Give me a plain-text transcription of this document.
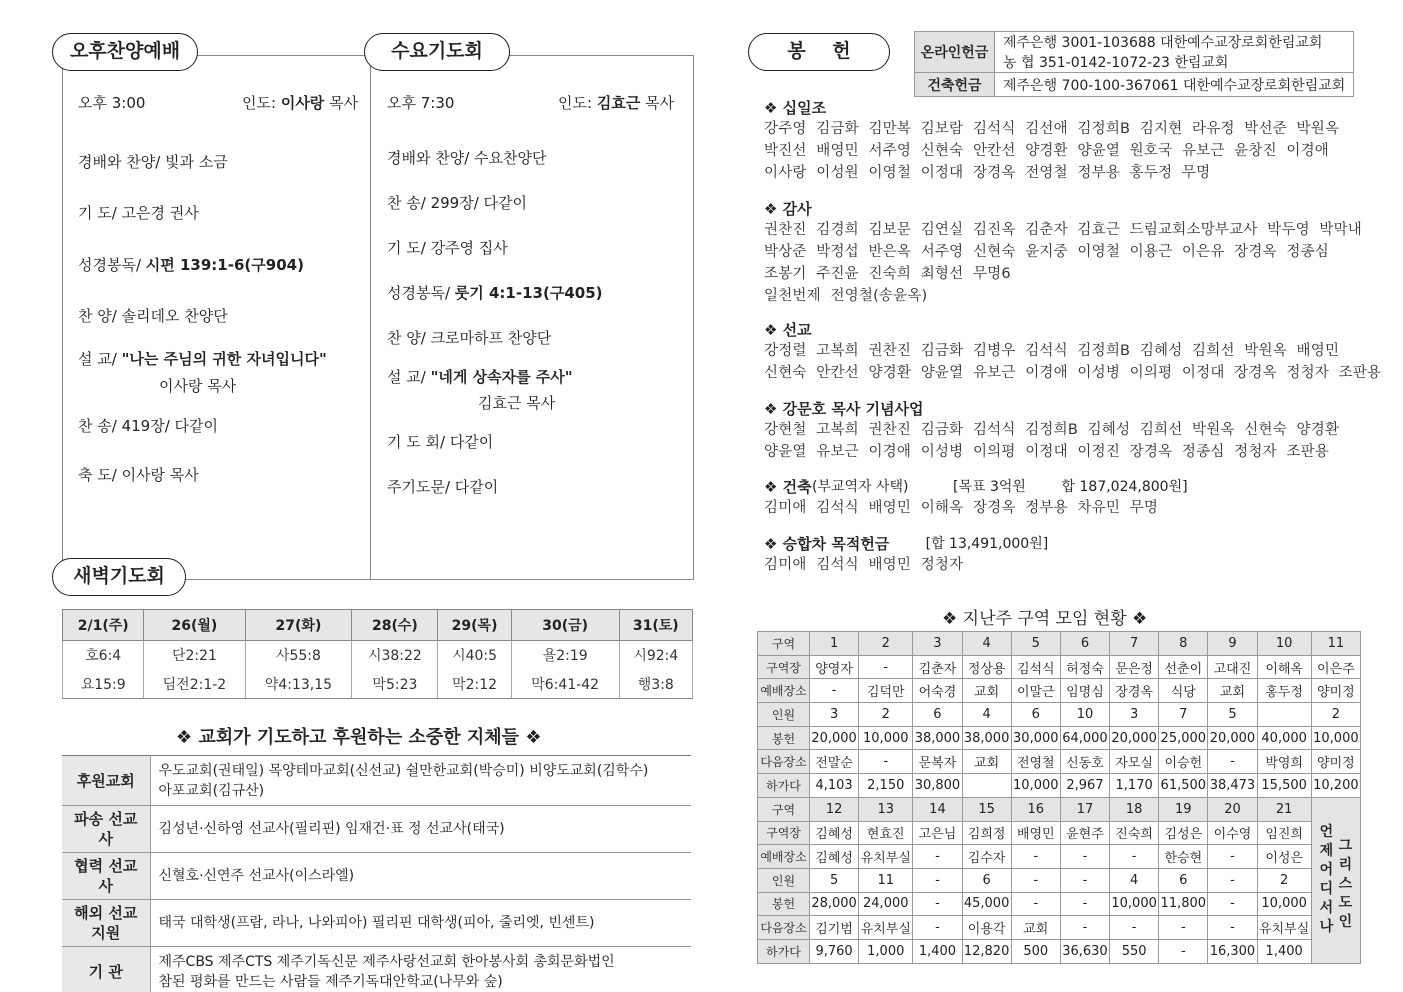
오후찬양예배	수요기도회
오후 3:00	인도: 이사랑 목사
경배와 찬양/ 빛과 소금
기 도/ 고은경 권사
성경봉독/ 시편 139:1-6(구904)
찬 양/ 솔리데오 찬양단
설 교/ "나는 주님의 귀한 자녀입니다"
이사랑 목사
찬 송/ 419장/ 다같이
축 도/ 이사랑 목사
오후 7:30	인도: 김효근 목사
경배와 찬양/ 수요찬양단
찬 송/ 299장/ 다같이
기 도/ 강주영 집사
성경봉독/ 룻기 4:1-13(구405)
찬 양/ 크로마하프 찬양단
설 교/ "네게 상속자를 주사"
김효근 목사
기 도 회/ 다같이
주기도문/ 다같이
새벽기도회
2/1(주)	26(월)	27(화)	28(수)	29(목)	30(금)	31(토)
호6:4	단2:21	사55:8	시38:22	시40:5	욜2:19	시92:4
요15:9	딤전2:1-2	약4:13,15	막5:23	막2:12	막6:41-42	행3:8
❖ 교회가 기도하고 후원하는 소중한 지체들 ❖
후원교회	우도교회(권태일) 목양테마교회(신선교) 쉴만한교회(박승미) 비양도교회(김학수)
아포교회(김규산)

파송 선교사	김성년·신하영 선교사(필리핀) 임재건·표 정 선교사(태국)
협력 선교사	신혈호·신연주 선교사(이스라엘)
해외 선교지원	태국 대학생(프람, 라나, 나와피아) 필리핀 대학생(피아, 줄리엣, 빈센트)
기 관	제주CBS 제주CTS 제주기독신문 제주사랑선교회 한아봉사회 총회문화법인
참된 평화를 만드는 사람들 제주기독대안학교(나무와 숲)
봉    헌	온라인헌금	제주은행 3001-103688 대한예수교장로회한림교회
	농 협 351-0142-1072-23 한림교회
건축헌금	제주은행 700-100-367061 대한예수교장로회한림교회
❖ 십일조
강주영  김금화  김만복  김보람  김석식  김선애  김정희B  김지현  라유정  박선준  박원옥
박진선  배영민  서주영  신현숙  안칸선  양경환  양윤열  원호국  유보근  윤창진  이경애
이사랑  이성원  이영철  이정대  장경옥  전영철  정부용  홍두정  무명
❖ 감사
권찬진  김경희  김보문  김연실  김진옥  김춘자  김효근  드림교회소망부교사  박두영  박막내
박상준  박정섭  반은옥  서주영  신현숙  윤지중  이영철  이용근  이은유  장경옥  정종심
조봉기  주진윤  진숙희  최형선  무명6
일천번제  전영철(송윤옥)
❖ 선교
강정렬  고복희  권찬진  김금화  김병우  김석식  김정희B  김혜성  김희선  박원옥  배영민
신현숙  안칸선  양경환  양윤열  유보근  이경애  이성병  이의평  이정대  장경옥  정청자  조판용
❖ 강문호 목사 기념사업
강현철  고복희  권찬진  김금화  김석식  김정희B  김혜성  김희선  박원옥  신현숙  양경환
양윤열  유보근  이경애  이성병  이의평  이정대  이정진  장경옥  정종심  정청자  조판용
❖ 건축 (부교역자 사택)          [목표 3억원        합 187,024,800원]
김미애  김석식  배영민  이해옥  장경옥  정부용  차유민  무명
❖ 승합차 목적헌금 [합 13,491,000원]
김미애  김석식  배영민  정청자
❖ 지난주 구역 모임 현황 ❖
구역	1	2	3	4	5	6	7	8	9	10	11
구역장	양영자	-	김춘자	정상용	김석식	허정숙	문은정	선춘이	고대진	이해옥	이은주
예배장소	-	김덕만	어숙경	교회	이말근	임명심	장경옥	식당	교회	홍두정	양미정
인원	3	2	6	4	6	10	3	7	5		2
봉헌	20,000	10,000	38,000	38,000	30,000	64,000	20,000	25,000	20,000	40,000	10,000
다음장소	전말순	-	문복자	교회	전영철	신동호	자모실	이승헌	-	박영희	양미정
하가다	4,103	2,150	30,800		10,000	2,967	1,170	61,500	38,473	15,500	10,200
구역	12	13	14	15	16	17	18	19	20	21	언제어디서나
그리스도인

구역장	김혜성	현효진	고은님	김희정	배영민	윤현주	진숙희	김성은	이수영	임진희	
예배장소	김혜성	유치부실	-	김수자	-	-	-	한승현	-	이성은	
인원	5	11	-	6	-	-	4	6	-	2	
봉헌	28,000	24,000	-	45,000	-	-	10,000	11,800	-	10,000	
다음장소	김기범	유치부실	-	이용각	교회	-	-	-	-	유치부실	
하가다	9,760	1,000	1,400	12,820	500	36,630	550	-	16,300	1,400	
